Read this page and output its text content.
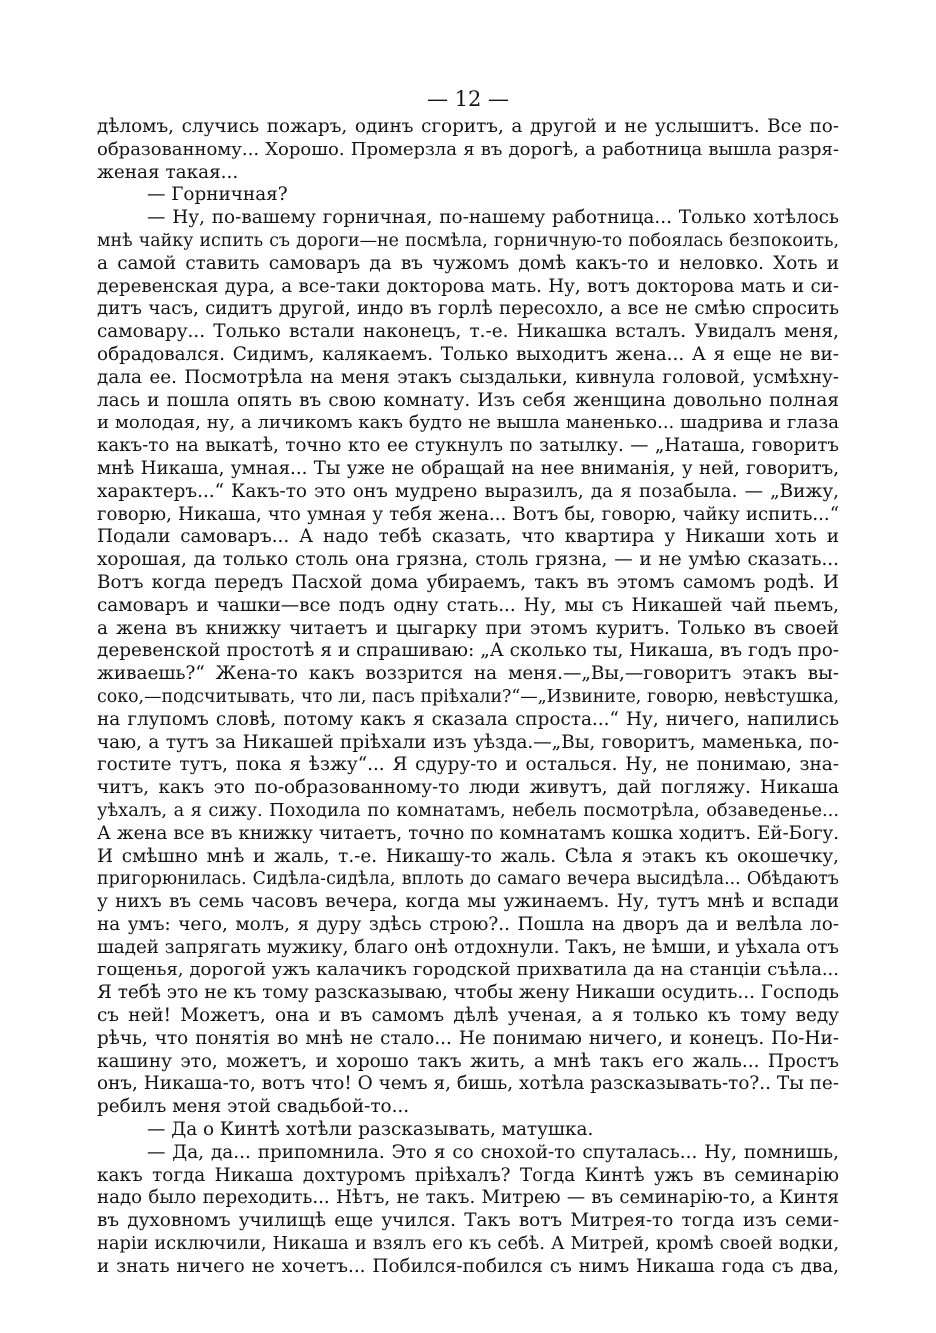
— 12 —
дѣломъ, случись пожаръ, одинъ сгоритъ, а другой и не услышитъ. Все по-
образованному... Хорошо. Промерзла я въ дорогѣ, а работница вышла разря-
женая такая...
— Горничная?
— Ну, по-вашему горничная, по-нашему работница... Только хотѣлось
мнѣ чайку испить съ дороги—не посмѣла, горничную-то побоялась безпокоить,
а самой ставить самоваръ да въ чужомъ домѣ какъ-то и неловко. Хоть и
деревенская дура, а все-таки докторова мать. Ну, вотъ докторова мать и си-
дитъ часъ, сидитъ другой, индо въ горлѣ пересохло, а все не смѣю спросить
самовару... Только встали наконецъ, т.-е. Никашка всталъ. Увидалъ меня,
обрадовался. Сидимъ, калякаемъ. Только выходитъ жена... А я еще не ви-
дала ее. Посмотрѣла на меня этакъ сыздальки, кивнула головой, усмѣхну-
лась и пошла опять въ свою комнату. Изъ себя женщина довольно полная
и молодая, ну, а личикомъ какъ будто не вышла маненько... шадрива и глаза
какъ-то на выкатѣ, точно кто ее стукнулъ по затылку. — „Наташа, говоритъ
мнѣ Никаша, умная... Ты уже не обращай на нее вниманія, у ней, говоритъ,
характеръ...“ Какъ-то это онъ мудрено выразилъ, да я позабыла. — „Вижу,
говорю, Никаша, что умная у тебя жена... Вотъ бы, говорю, чайку испить...“
Подали самоваръ... А надо тебѣ сказать, что квартира у Никаши хоть и
хорошая, да только столь она грязна, столь грязна, — и не умѣю сказать...
Вотъ когда передъ Пасхой дома убираемъ, такъ въ этомъ самомъ родѣ. И
самоваръ и чашки—все подъ одну стать... Ну, мы съ Никашей чай пьемъ,
а жена въ книжку читаетъ и цыгарку при этомъ куритъ. Только въ своей
деревенской простотѣ я и спрашиваю: „А сколько ты, Никаша, въ годъ про-
живаешь?“ Жена-то какъ воззрится на меня.—„Вы,—говоритъ этакъ вы-
соко,—подсчитывать, что ли, пасъ пріѣхали?“—„Извините, говорю, невѣстушка,
на глупомъ словѣ, потому какъ я сказала спроста...“ Ну, ничего, напились
чаю, а тутъ за Никашей пріѣхали изъ уѣзда.—„Вы, говоритъ, маменька, по-
гостите тутъ, пока я ѣзжу“... Я сдуру-то и осталься. Ну, не понимаю, зна-
читъ, какъ это по-образованному-то люди живутъ, дай погляжу. Никаша
уѣхалъ, а я сижу. Походила по комнатамъ, небель посмотрѣла, обзаведенье...
А жена все въ книжку читаетъ, точно по комнатамъ кошка ходитъ. Ей-Богу.
И смѣшно мнѣ и жаль, т.-е. Никашу-то жаль. Сѣла я этакъ къ окошечку,
пригорюнилась. Сидѣла-сидѣла, вплоть до самаго вечера высидѣла... Обѣдаютъ
у нихъ въ семь часовъ вечера, когда мы ужинаемъ. Ну, тутъ мнѣ и вспади
на умъ: чего, молъ, я дуру здѣсь строю?.. Пошла на дворъ да и велѣла ло-
шадей запрягать мужику, благо онѣ отдохнули. Такъ, не ѣмши, и уѣхала отъ
гощенья, дорогой ужъ калачикъ городской прихватила да на станціи съѣла...
Я тебѣ это не къ тому разсказываю, чтобы жену Никаши осудить... Господь
съ ней! Можетъ, она и въ самомъ дѣлѣ ученая, а я только къ тому веду
рѣчь, что понятія во мнѣ не стало... Не понимаю ничего, и конецъ. По-Ни-
кашину это, можетъ, и хорошо такъ жить, а мнѣ такъ его жаль... Простъ
онъ, Никаша-то, вотъ что! О чемъ я, бишь, хотѣла разсказывать-то?.. Ты пе-
ребилъ меня этой свадьбой-то...
— Да о Кинтѣ хотѣли разсказывать, матушка.
— Да, да... припомнила. Это я со снохой-то спуталась... Ну, помнишь,
какъ тогда Никаша дохтуромъ пріѣхалъ? Тогда Кинтѣ ужъ въ семинарію
надо было переходить... Нѣтъ, не такъ. Митрею — въ семинарію-то, а Кинтя
въ духовномъ училищѣ еще учился. Такъ вотъ Митрея-то тогда изъ семи-
наріи исключили, Никаша и взялъ его къ себѣ. А Митрей, кромѣ своей водки,
и знать ничего не хочетъ... Побился-побился съ нимъ Никаша года съ два,
